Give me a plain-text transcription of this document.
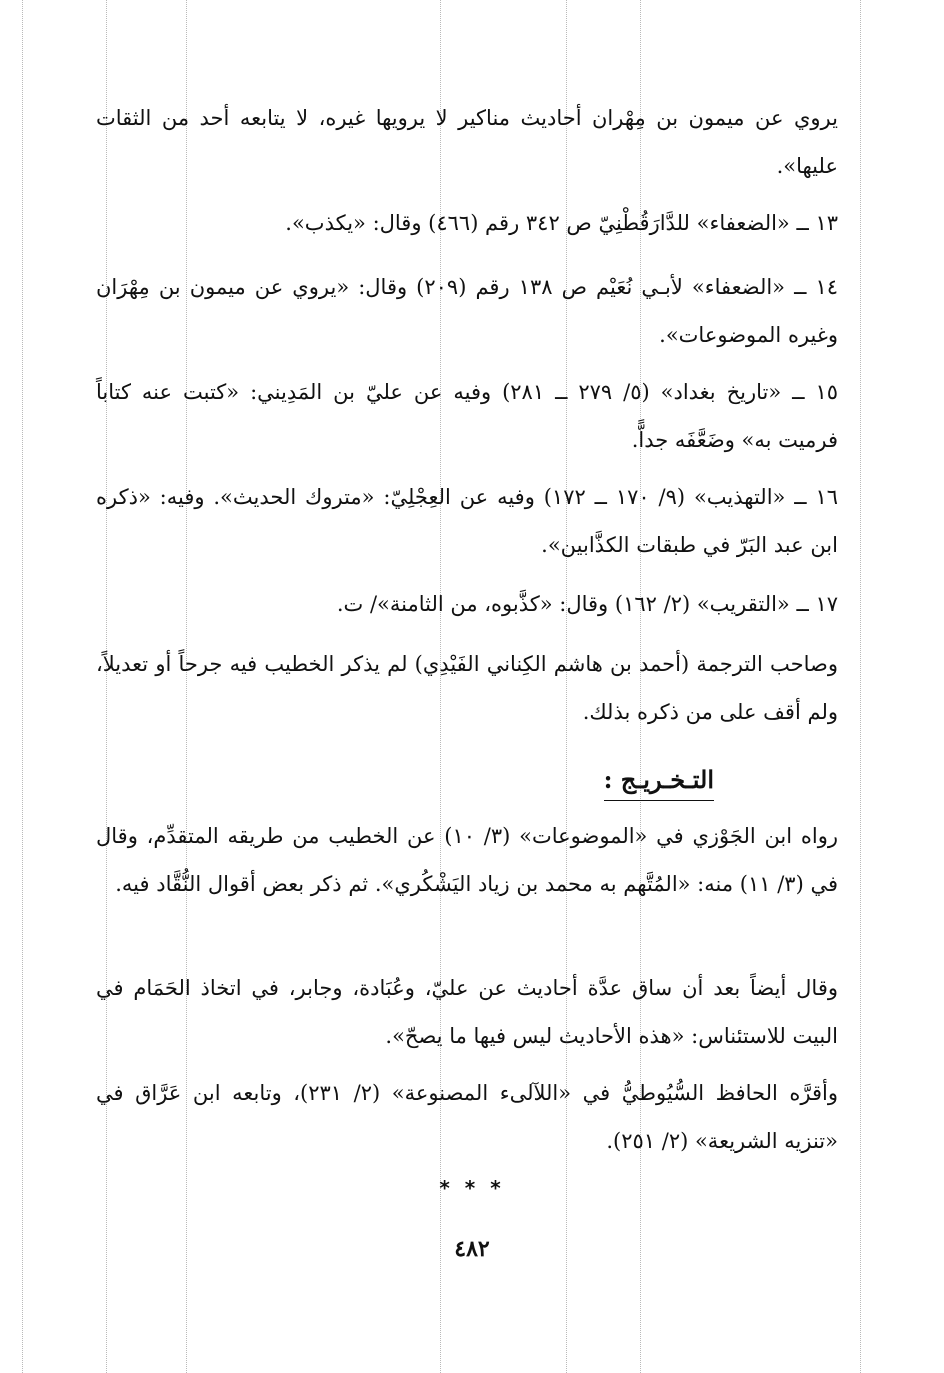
يروي عن ميمون بن مِهْران أحاديث مناكير لا يرويها غيره، لا يتابعه أحد من الثقات عليها».
١٣ ــ «الضعفاء» للدَّارَقُطْنِيّ ص ٣٤٢ رقم (٤٦٦) وقال: «يكذب».
١٤ ــ «الضعفاء» لأبـي نُعَيْم ص ١٣٨ رقم (٢٠٩) وقال: «يروي عن ميمون بن مِهْرَان وغيره الموضوعات».
١٥ ــ «تاريخ بغداد» (٥/ ٢٧٩ ــ ٢٨١) وفيه عن عليّ بن المَدِيني: «كتبت عنه كتاباً فرميت به» وضَعَّفَه جداًّ.
١٦ ــ «التهذيب» (٩/ ١٧٠ ــ ١٧٢) وفيه عن العِجْلِيّ: «متروك الحديث». وفيه: «ذكره ابن عبد البَرّ في طبقات الكذَّابين».
١٧ ــ «التقريب» (٢/ ١٦٢) وقال: «كذَّبوه، من الثامنة»/ ت.
وصاحب الترجمة (أحمد بن هاشم الكِناني الفَيْدِي) لم يذكر الخطيب فيه جرحاً أو تعديلاً، ولم أقف على من ذكره بذلك.
التـخـريـج :
رواه ابن الجَوْزي في «الموضوعات» (٣/ ١٠) عن الخطيب من طريقه المتقدِّم، وقال في (٣/ ١١) منه: «المُتَّهم به محمد بن زياد اليَشْكُري». ثم ذكر بعض أقوال النُّقَّاد فيه.
وقال أيضاً بعد أن ساق عدَّة أحاديث عن عليّ، وعُبَادة، وجابر، في اتخاذ الحَمَام في البيت للاستئناس: «هذه الأحاديث ليس فيها ما يصحّ».
وأقرَّه الحافظ السُّيُوطيُّ في «اللآلىء المصنوعة» (٢/ ٢٣١)، وتابعه ابن عَرَّاق في «تنزيه الشريعة» (٢/ ٢٥١).
* * *
٤٨٢
